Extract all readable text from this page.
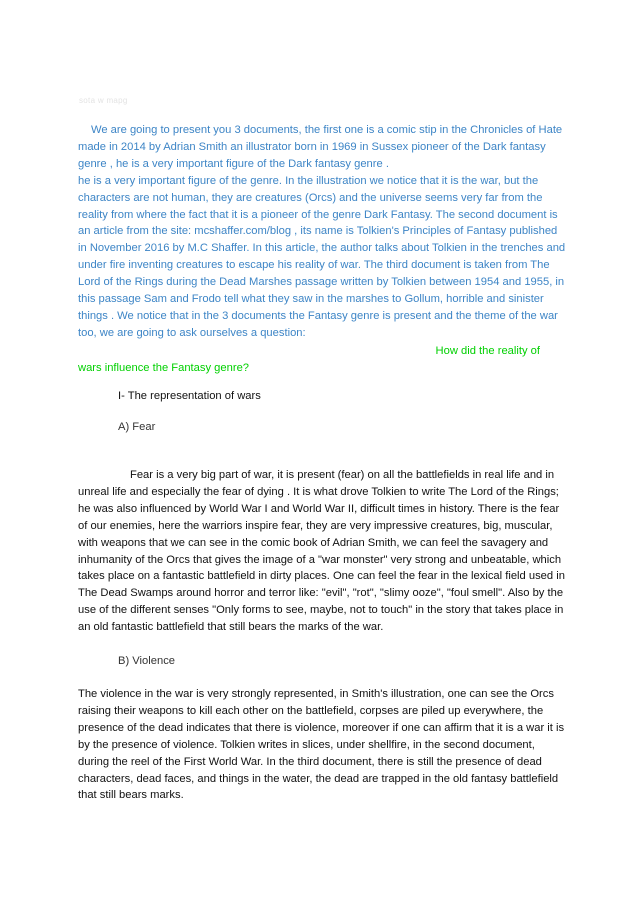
sota w mapg

We are going to present you 3 documents, the first one is a comic stip in the Chronicles of Hate made in 2014 by Adrian Smith an illustrator born in 1969 in Sussex pioneer of the Dark fantasy genre , he is a very important figure of the Dark fantasy genre .

he is a very important figure of the genre. In the illustration we notice that it is the war, but the characters are not human, they are creatures (Orcs) and the universe seems very far from the reality from where the fact that it is a pioneer of the genre Dark Fantasy. The second document is an article from the site: mcshaffer.com/blog , its name is Tolkien's Principles of Fantasy published in November 2016 by M.C Shaffer. In this article, the author talks about Tolkien in the trenches and under fire inventing creatures to escape his reality of war. The third document is taken from The Lord of the Rings during the Dead Marshes passage written by Tolkien between 1954 and 1955, in this passage Sam and Frodo tell what they saw in the marshes to Gollum, horrible and sinister things . We notice that in the 3 documents the Fantasy genre is present and the theme of the war too, we are going to ask ourselves a question:

How did the reality of
wars influence the Fantasy genre?
I- The representation of wars
A) Fear

Fear is a very big part of war, it is present (fear) on all the battlefields in real life and in unreal life and especially the fear of dying . It is what drove Tolkien to write The Lord of the Rings; he was also influenced by World War I and World War II, difficult times in history. There is the fear of our enemies, here the warriors inspire fear, they are very impressive creatures, big, muscular, with weapons that we can see in the comic book of Adrian Smith, we can feel the savagery and inhumanity of the Orcs that gives the image of a "war monster" very strong and unbeatable, which takes place on a fantastic battlefield in dirty places. One can feel the fear in the lexical field used in The Dead Swamps around horror and terror like: "evil", "rot", "slimy ooze", "foul smell". Also by the use of the different senses "Only forms to see, maybe, not to touch" in the story that takes place in an old fantastic battlefield that still bears the marks of the war.

B) Violence

The violence in the war is very strongly represented, in Smith's illustration, one can see the Orcs raising their weapons to kill each other on the battlefield, corpses are piled up everywhere, the presence of the dead indicates that there is violence, moreover if one can affirm that it is a war it is by the presence of violence. Tolkien writes in slices, under shellfire, in the second document, during the reel of the First World War. In the third document, there is still the presence of dead characters, dead faces, and things in the water, the dead are trapped in the old fantasy battlefield that still bears marks.
